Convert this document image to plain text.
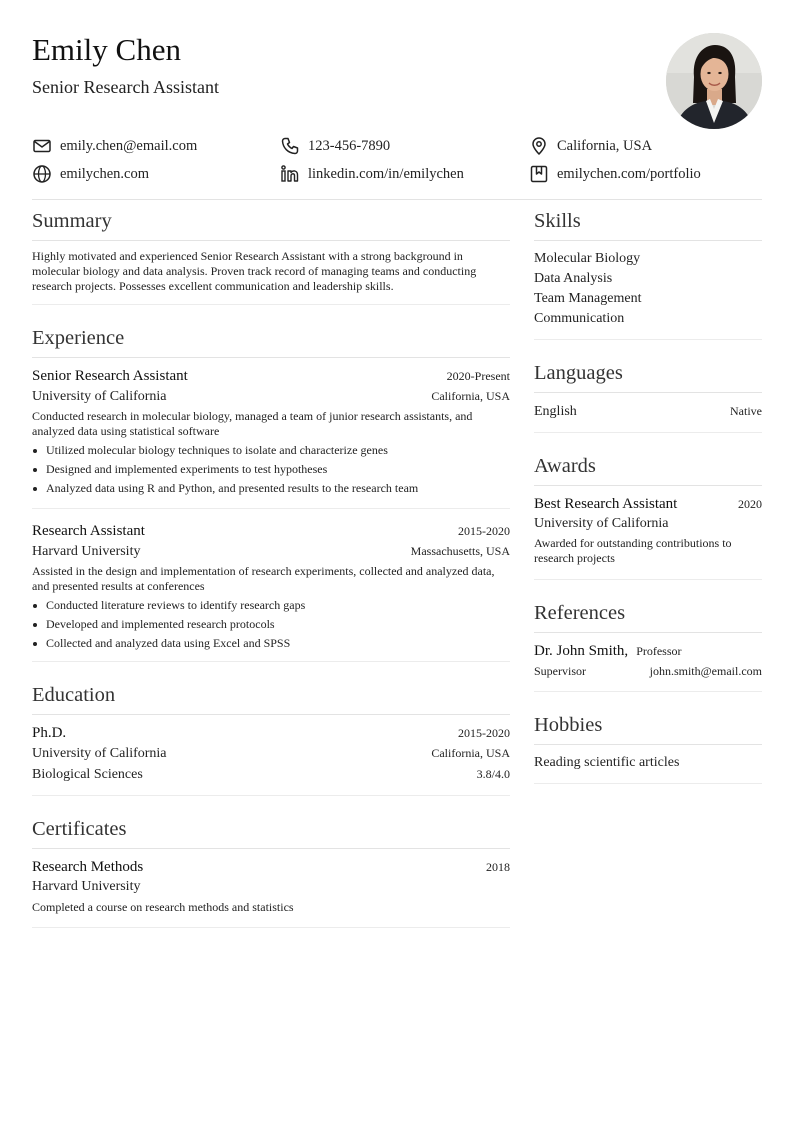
Emily Chen
Senior Research Assistant
emily.chen@email.com	123-456-7890	California, USA
emilychen.com	linkedin.com/in/emilychen	emilychen.com/portfolio
Summary
Highly motivated and experienced Senior Research Assistant with a strong background in molecular biology and data analysis. Proven track record of managing teams and conducting research projects. Possesses excellent communication and leadership skills.
Experience
Senior Research Assistant	2020-Present
University of California	California, USA
Conducted research in molecular biology, managed a team of junior research assistants, and analyzed data using statistical software
Utilized molecular biology techniques to isolate and characterize genes
Designed and implemented experiments to test hypotheses
Analyzed data using R and Python, and presented results to the research team
Research Assistant	2015-2020
Harvard University	Massachusetts, USA
Assisted in the design and implementation of research experiments, collected and analyzed data, and presented results at conferences
Conducted literature reviews to identify research gaps
Developed and implemented research protocols
Collected and analyzed data using Excel and SPSS
Education
Ph.D.	2015-2020
University of California	California, USA
Biological Sciences	3.8/4.0
Certificates
Research Methods	2018
Harvard University
Completed a course on research methods and statistics
Skills
Molecular Biology
Data Analysis
Team Management
Communication
Languages
English	Native
Awards
Best Research Assistant	2020
University of California
Awarded for outstanding contributions to research projects
References
Dr. John Smith, Professor
Supervisor	john.smith@email.com
Hobbies
Reading scientific articles
